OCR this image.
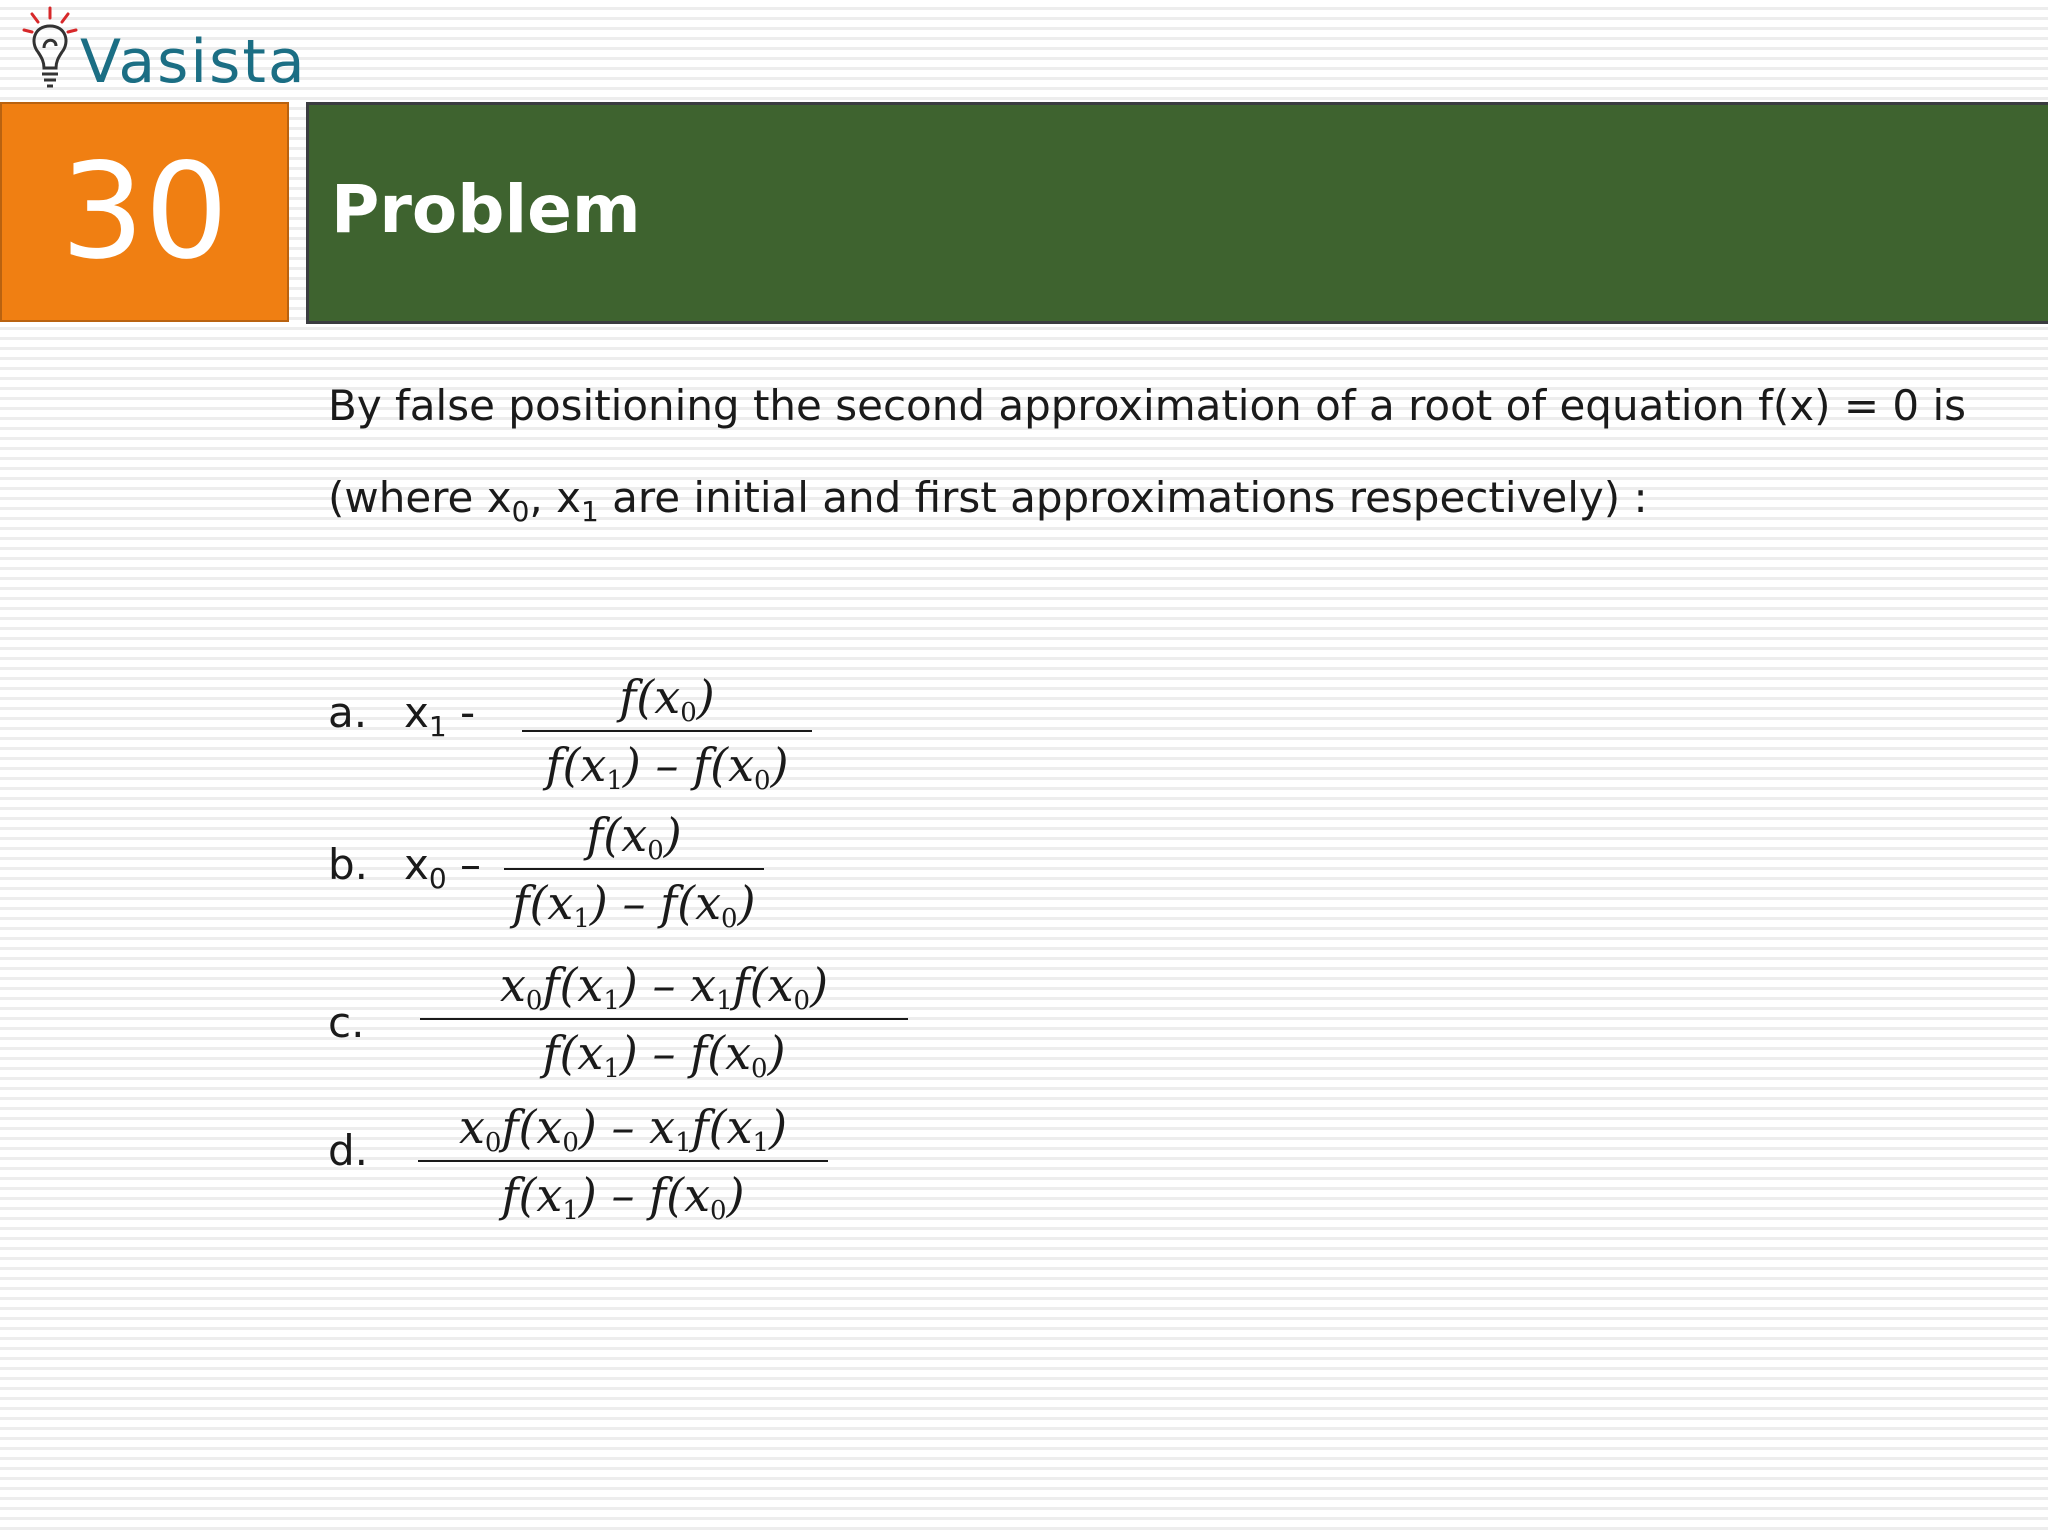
Vasista
30	Problem
By false positioning the second approximation of a root of equation f(x) = 0 is
(where $x_0$, $x_1$ are initial and first approximations respectively) :
a. $x_1$ -	$f(x_0)$
$f(x_1) - f(x_0)$
b. $x_0$ –
$f(x_0)$
$f(x_1) - f(x_0)$
c.
$x_0f(x_1) - x_1f(x_0)$
$f(x_1) - f(x_0)$
d.	$x_0f(x_0) - x_1f(x_1)$
$f(x_1) - f(x_0)$
